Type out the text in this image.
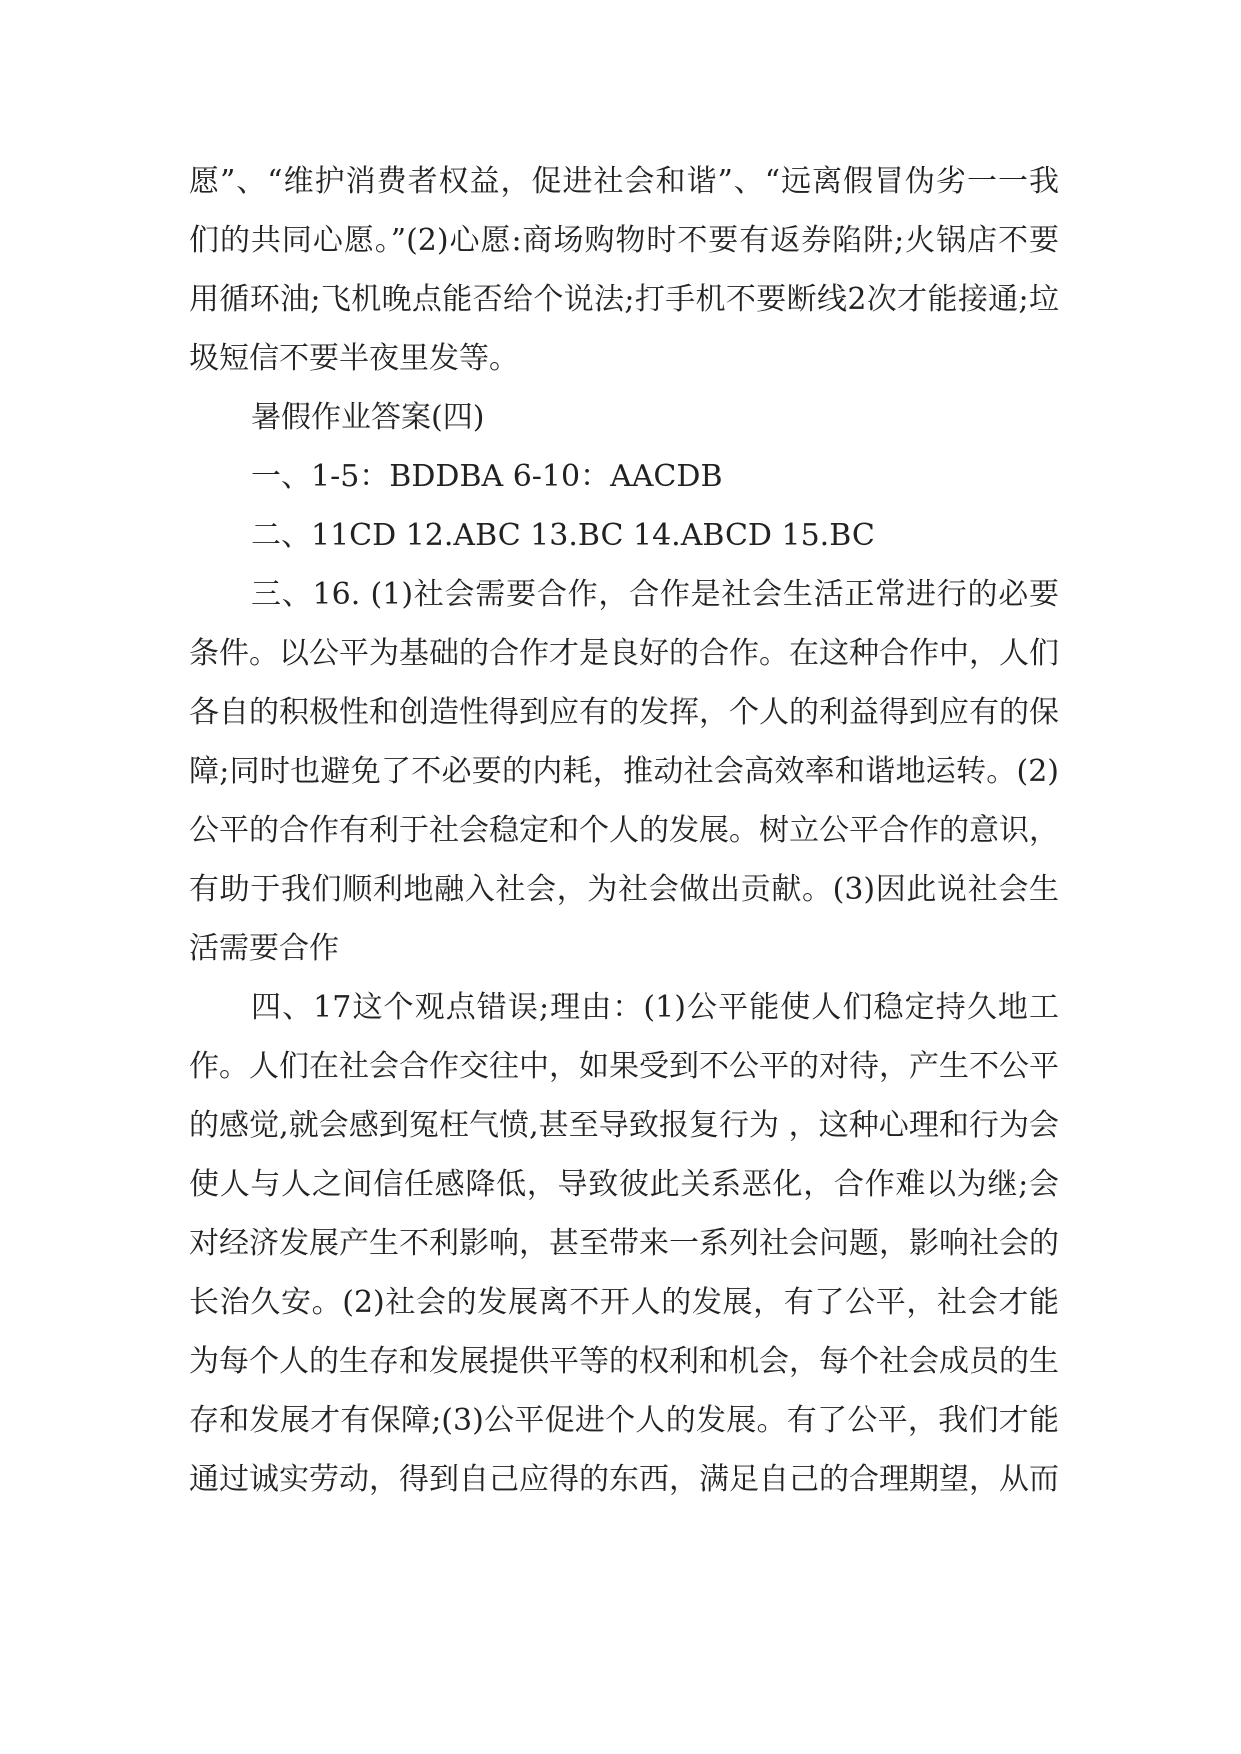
愿”、“维护消费者权益，促进社会和谐”、“远离假冒伪劣一一我们的共同心愿。”(2)心愿:商场购物时不要有返券陷阱;火锅店不要用循环油;飞机晚点能否给个说法;打手机不要断线2次才能接通;垃圾短信不要半夜里发等。

暑假作业答案(四)

一、1-5：BDDBA 6-10：AACDB

二、11CD 12.ABC 13.BC 14.ABCD 15.BC

三、16. (1)社会需要合作，合作是社会生活正常进行的必要条件。以公平为基础的合作才是良好的合作。在这种合作中，人们各自的积极性和创造性得到应有的发挥，个人的利益得到应有的保障;同时也避免了不必要的内耗，推动社会高效率和谐地运转。(2)公平的合作有利于社会稳定和个人的发展。树立公平合作的意识，有助于我们顺利地融入社会，为社会做出贡献。(3)因此说社会生活需要合作

四、17这个观点错误;理由：(1)公平能使人们稳定持久地工作。人们在社会合作交往中，如果受到不公平的对待，产生不公平的感觉,就会感到冤枉气愤,甚至导致报复行为 ，这种心理和行为会使人与人之间信任感降低，导致彼此关系恶化，合作难以为继;会对经济发展产生不利影响，甚至带来一系列社会问题，影响社会的长治久安。(2)社会的发展离不开人的发展，有了公平，社会才能为每个人的生存和发展提供平等的权利和机会，每个社会成员的生存和发展才有保障;(3)公平促进个人的发展。有了公平，我们才能通过诚实劳动，得到自己应得的东西，满足自己的合理期望，从而
